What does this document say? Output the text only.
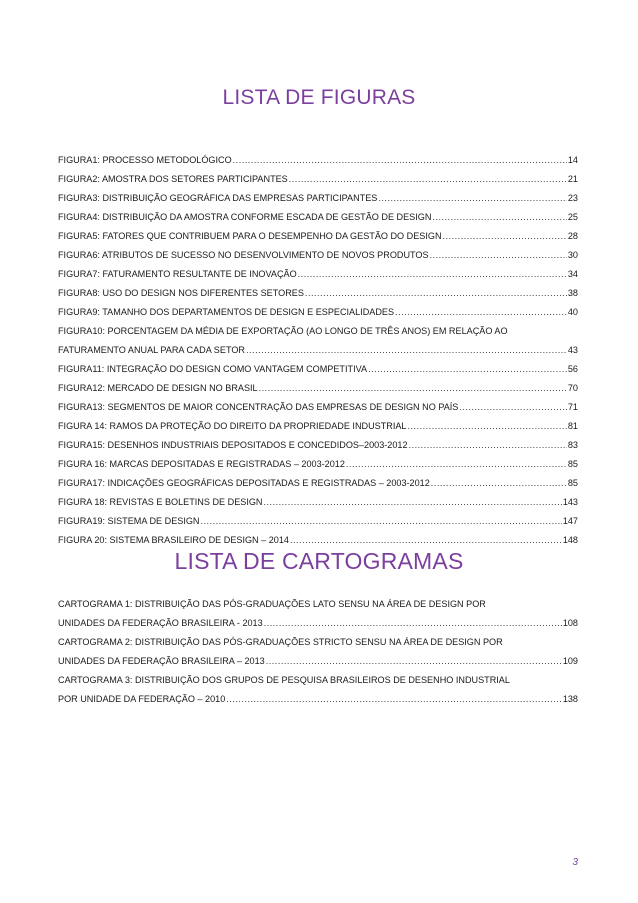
LISTA DE FIGURAS
FIGURA1: PROCESSO METODOLÓGICO .....	14
FIGURA2: AMOSTRA DOS SETORES PARTICIPANTES .....	21
FIGURA3: DISTRIBUIÇÃO GEOGRÁFICA DAS EMPRESAS PARTICIPANTES .....	23
FIGURA4: DISTRIBUIÇÃO DA AMOSTRA CONFORME ESCADA DE GESTÃO DE DESIGN .....	25
FIGURA5: FATORES QUE CONTRIBUEM PARA O DESEMPENHO DA GESTÃO DO DESIGN .....	28
FIGURA6: ATRIBUTOS DE SUCESSO NO DESENVOLVIMENTO DE NOVOS PRODUTOS .....	30
FIGURA7: FATURAMENTO RESULTANTE DE INOVAÇÃO .....	34
FIGURA8: USO DO DESIGN NOS DIFERENTES SETORES .....	38
FIGURA9: TAMANHO DOS DEPARTAMENTOS DE DESIGN E ESPECIALIDADES .....	40
FIGURA10: PORCENTAGEM DA MÉDIA DE EXPORTAÇÃO (AO LONGO DE TRÊS ANOS) EM RELAÇÃO AO
FATURAMENTO ANUAL PARA CADA SETOR .....	43
FIGURA11: INTEGRAÇÃO DO DESIGN COMO VANTAGEM COMPETITIVA .....	56
FIGURA12: MERCADO DE DESIGN NO BRASIL .....	70
FIGURA13: SEGMENTOS DE MAIOR CONCENTRAÇÃO DAS EMPRESAS DE DESIGN NO PAÍS .....	71
FIGURA 14: RAMOS DA PROTEÇÃO DO DIREITO DA PROPRIEDADE INDUSTRIAL .....	81
FIGURA15: DESENHOS INDUSTRIAIS DEPOSITADOS E CONCEDIDOS–2003-2012 .....	83
FIGURA 16: MARCAS DEPOSITADAS E REGISTRADAS – 2003-2012 .....	85
FIGURA17: INDICAÇÕES GEOGRÁFICAS DEPOSITADAS E REGISTRADAS – 2003-2012 .....	85
FIGURA 18: REVISTAS E BOLETINS DE DESIGN .....	143
FIGURA19: SISTEMA DE DESIGN .....	147
FIGURA 20: SISTEMA BRASILEIRO DE DESIGN – 2014 .....	148
LISTA DE CARTOGRAMAS
CARTOGRAMA 1: DISTRIBUIÇÃO DAS PÓS-GRADUAÇÕES LATO SENSU NA ÁREA DE DESIGN POR
UNIDADES DA FEDERAÇÃO BRASILEIRA - 2013 .....	108
CARTOGRAMA 2: DISTRIBUIÇÃO DAS PÓS-GRADUAÇÕES STRICTO SENSU NA ÁREA DE DESIGN POR
UNIDADES DA FEDERAÇÃO BRASILEIRA – 2013 .....	109
CARTOGRAMA 3: DISTRIBUIÇÃO DOS GRUPOS DE PESQUISA BRASILEIROS DE DESENHO INDUSTRIAL
POR UNIDADE DA FEDERAÇÃO – 2010 .....	138
3
